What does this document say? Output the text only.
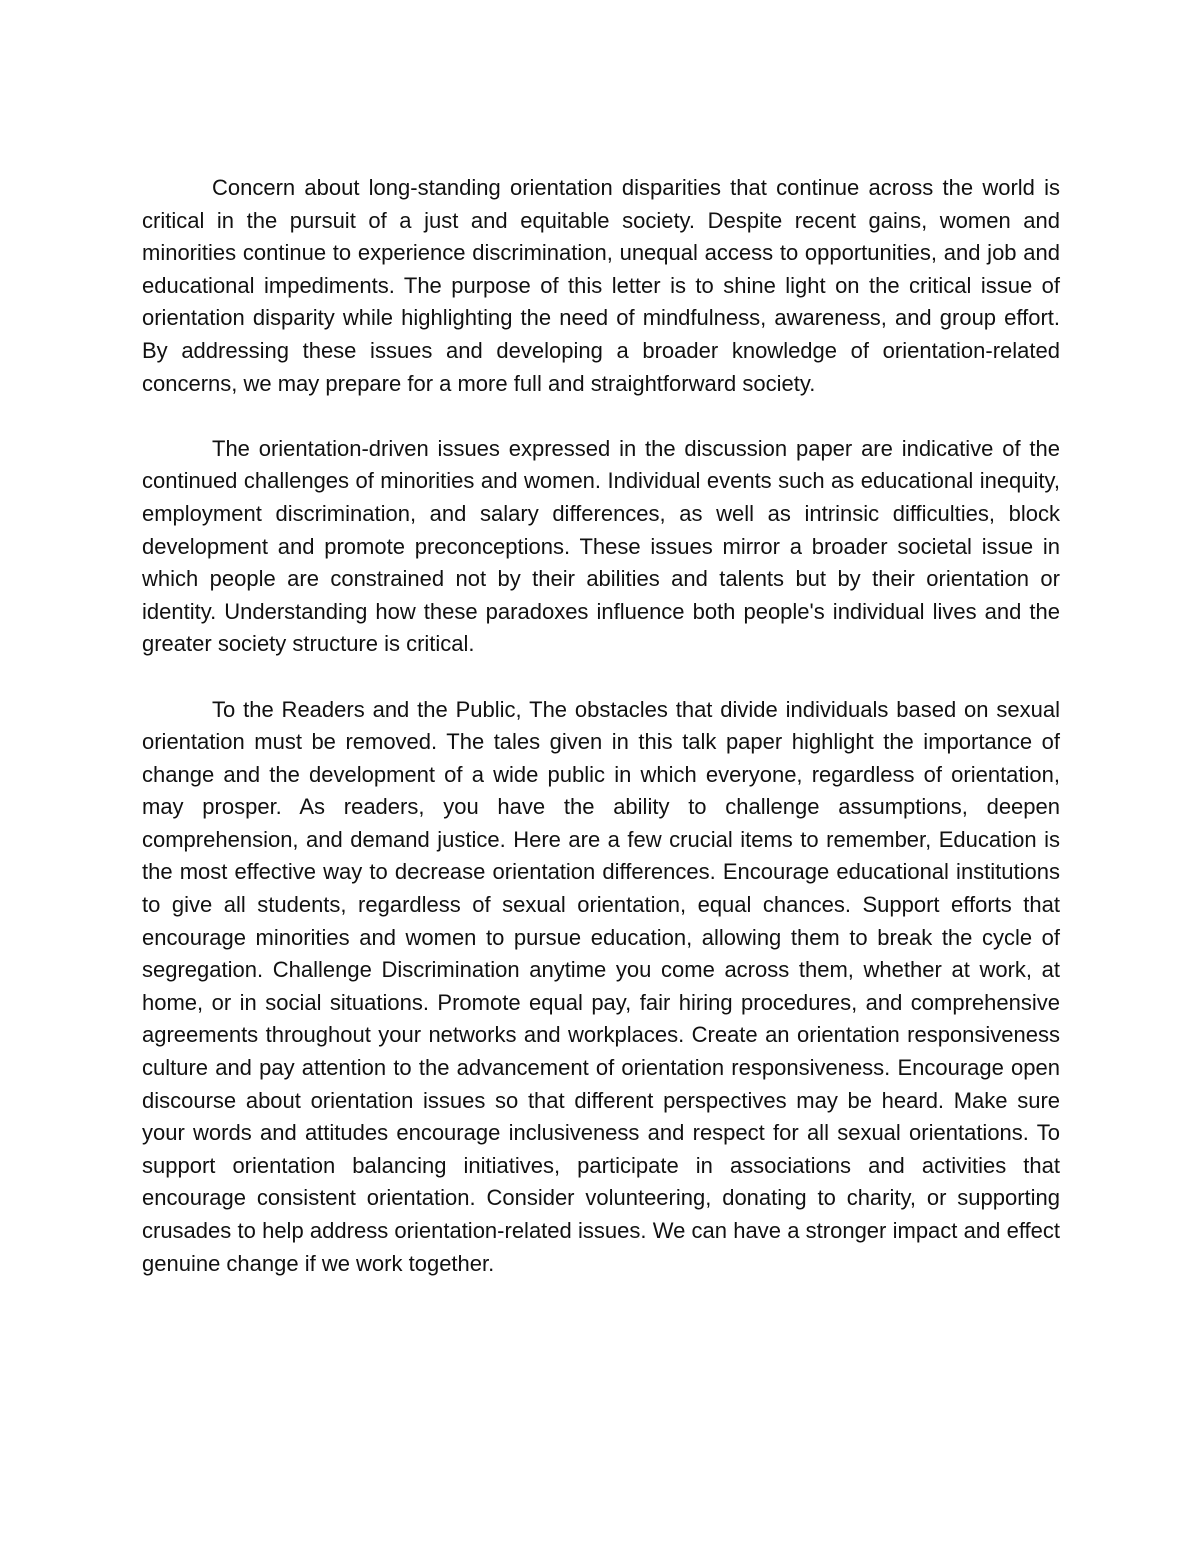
Concern about long-standing orientation disparities that continue across the world is critical in the pursuit of a just and equitable society. Despite recent gains, women and minorities continue to experience discrimination, unequal access to opportunities, and job and educational impediments. The purpose of this letter is to shine light on the critical issue of orientation disparity while highlighting the need of mindfulness, awareness, and group effort. By addressing these issues and developing a broader knowledge of orientation-related concerns, we may prepare for a more full and straightforward society.

The orientation-driven issues expressed in the discussion paper are indicative of the continued challenges of minorities and women. Individual events such as educational inequity, employment discrimination, and salary differences, as well as intrinsic difficulties, block development and promote preconceptions. These issues mirror a broader societal issue in which people are constrained not by their abilities and talents but by their orientation or identity. Understanding how these paradoxes influence both people's individual lives and the greater society structure is critical.

To the Readers and the Public, The obstacles that divide individuals based on sexual orientation must be removed. The tales given in this talk paper highlight the importance of change and the development of a wide public in which everyone, regardless of orientation, may prosper. As readers, you have the ability to challenge assumptions, deepen comprehension, and demand justice. Here are a few crucial items to remember, Education is the most effective way to decrease orientation differences. Encourage educational institutions to give all students, regardless of sexual orientation, equal chances. Support efforts that encourage minorities and women to pursue education, allowing them to break the cycle of segregation. Challenge Discrimination anytime you come across them, whether at work, at home, or in social situations. Promote equal pay, fair hiring procedures, and comprehensive agreements throughout your networks and workplaces. Create an orientation responsiveness culture and pay attention to the advancement of orientation responsiveness. Encourage open discourse about orientation issues so that different perspectives may be heard. Make sure your words and attitudes encourage inclusiveness and respect for all sexual orientations. To support orientation balancing initiatives, participate in associations and activities that encourage consistent orientation. Consider volunteering, donating to charity, or supporting crusades to help address orientation-related issues. We can have a stronger impact and effect genuine change if we work together.
